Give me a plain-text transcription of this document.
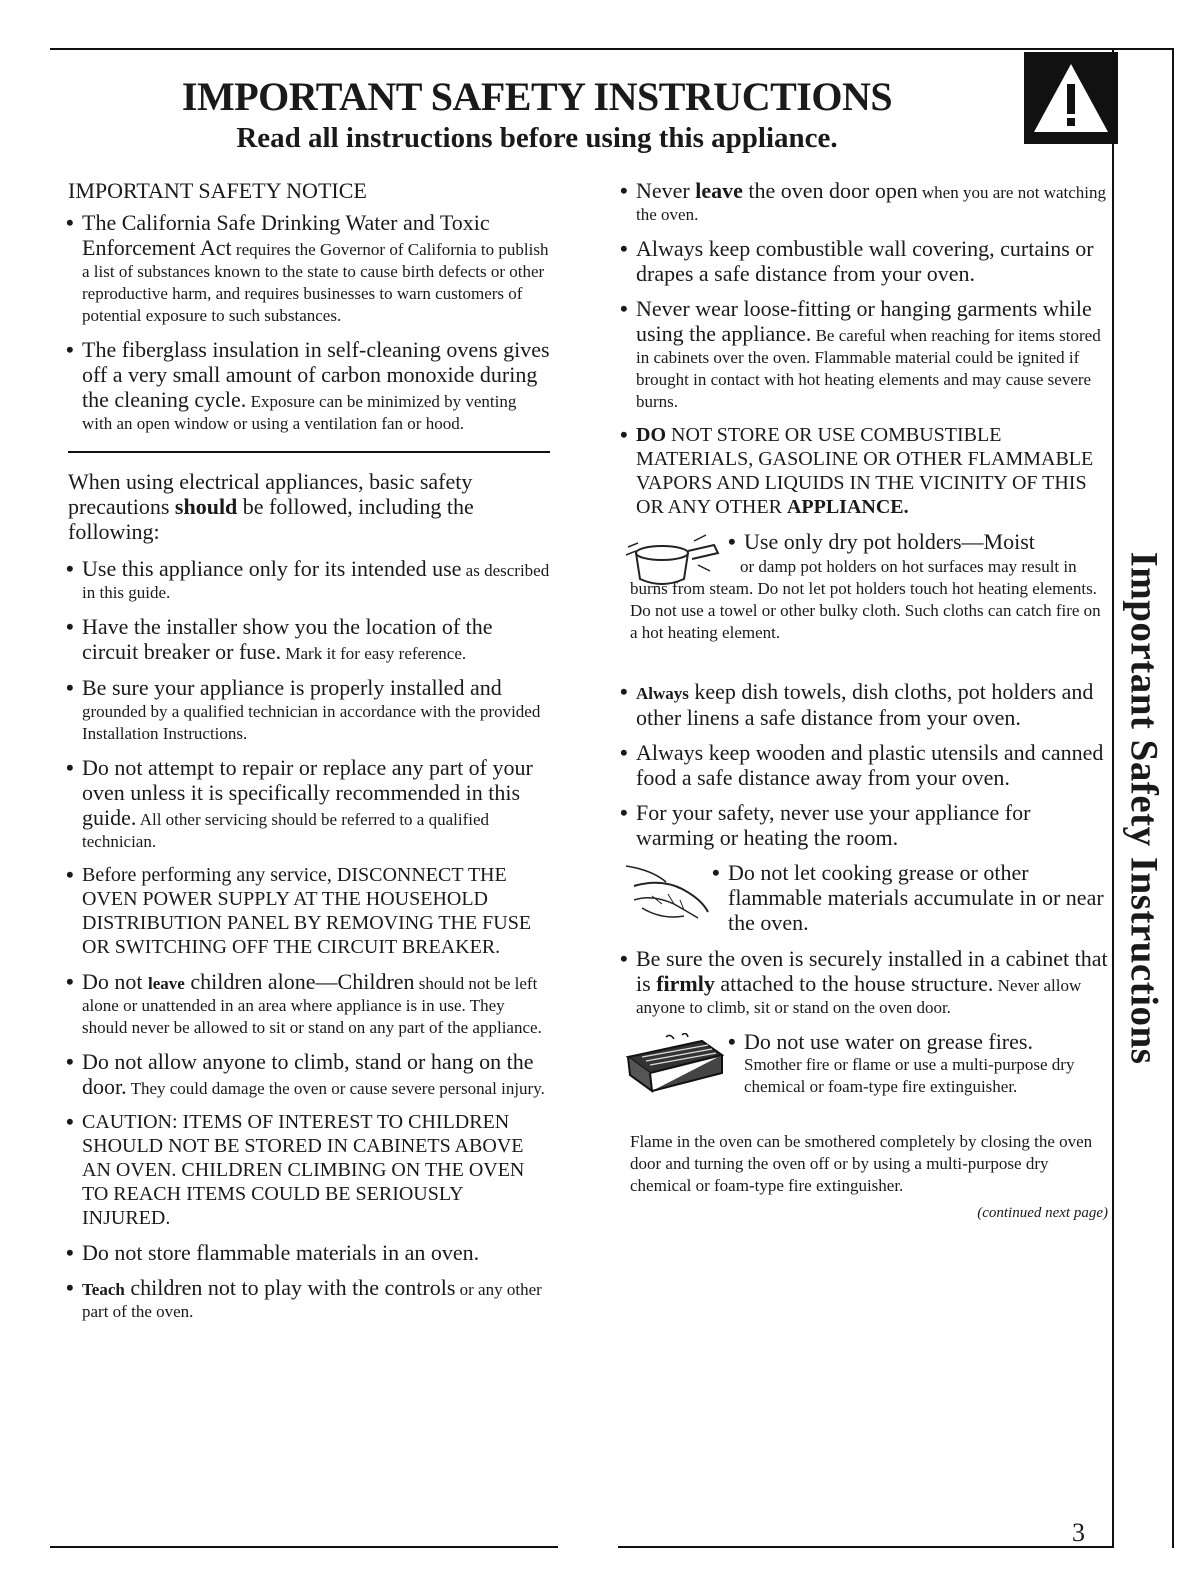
Important Safety Instructions
IMPORTANT SAFETY INSTRUCTIONS
Read all instructions before using this appliance.
IMPORTANT SAFETY NOTICE
• The California Safe Drinking Water and Toxic Enforcement Act requires the Governor of California to publish a list of substances known to the state to cause birth defects or other reproductive harm, and requires businesses to warn customers of potential exposure to such substances.
• The fiberglass insulation in self-cleaning ovens gives off a very small amount of carbon monoxide during the cleaning cycle. Exposure can be minimized by venting with an open window or using a ventilation fan or hood.
When using electrical appliances, basic safety precautions should be followed, including the following:
• Use this appliance only for its intended use as described in this guide.
• Have the installer show you the location of the circuit breaker or fuse. Mark it for easy reference.
• Be sure your appliance is properly installed and grounded by a qualified technician in accordance with the provided Installation Instructions.
• Do not attempt to repair or replace any part of your oven unless it is specifically recommended in this guide. All other servicing should be referred to a qualified technician.
• Before performing any service, DISCONNECT THE OVEN POWER SUPPLY AT THE HOUSEHOLD DISTRIBUTION PANEL BY REMOVING THE FUSE OR SWITCHING OFF THE CIRCUIT BREAKER.
• Do not leave children alone—Children should not be left alone or unattended in an area where appliance is in use. They should never be allowed to sit or stand on any part of the appliance.
• Do not allow anyone to climb, stand or hang on the door. They could damage the oven or cause severe personal injury.
• CAUTION: ITEMS OF INTEREST TO CHILDREN SHOULD NOT BE STORED IN CABINETS ABOVE AN OVEN. CHILDREN CLIMBING ON THE OVEN TO REACH ITEMS COULD BE SERIOUSLY INJURED.
• Do not store flammable materials in an oven.
• Teach children not to play with the controls or any other part of the oven.
• Never leave the oven door open when you are not watching the oven.
• Always keep combustible wall covering, curtains or drapes a safe distance from your oven.
• Never wear loose-fitting or hanging garments while using the appliance. Be careful when reaching for items stored in cabinets over the oven. Flammable material could be ignited if brought in contact with hot heating elements and may cause severe burns.
• DO NOT STORE OR USE COMBUSTIBLE MATERIALS, GASOLINE OR OTHER FLAMMABLE VAPORS AND LIQUIDS IN THE VICINITY OF THIS OR ANY OTHER APPLIANCE.
• Use only dry pot holders—Moist
or damp pot holders on hot surfaces may result in burns from steam. Do not let pot holders touch hot heating elements. Do not use a towel or other bulky cloth. Such cloths can catch fire on a hot heating element.
• Always keep dish towels, dish cloths, pot holders and other linens a safe distance from your oven.
• Always keep wooden and plastic utensils and canned food a safe distance away from your oven.
• For your safety, never use your appliance for warming or heating the room.
• Do not let cooking grease or other flammable materials accumulate in or near the oven.
• Be sure the oven is securely installed in a cabinet that is firmly attached to the house structure. Never allow anyone to climb, sit or stand on the oven door.
• Do not use water on grease fires.
Smother fire or flame or use a multi-purpose dry chemical or foam-type fire extinguisher.
Flame in the oven can be smothered completely by closing the oven door and turning the oven off or by using a multi-purpose dry chemical or foam-type fire extinguisher.
(continued next page)
3
